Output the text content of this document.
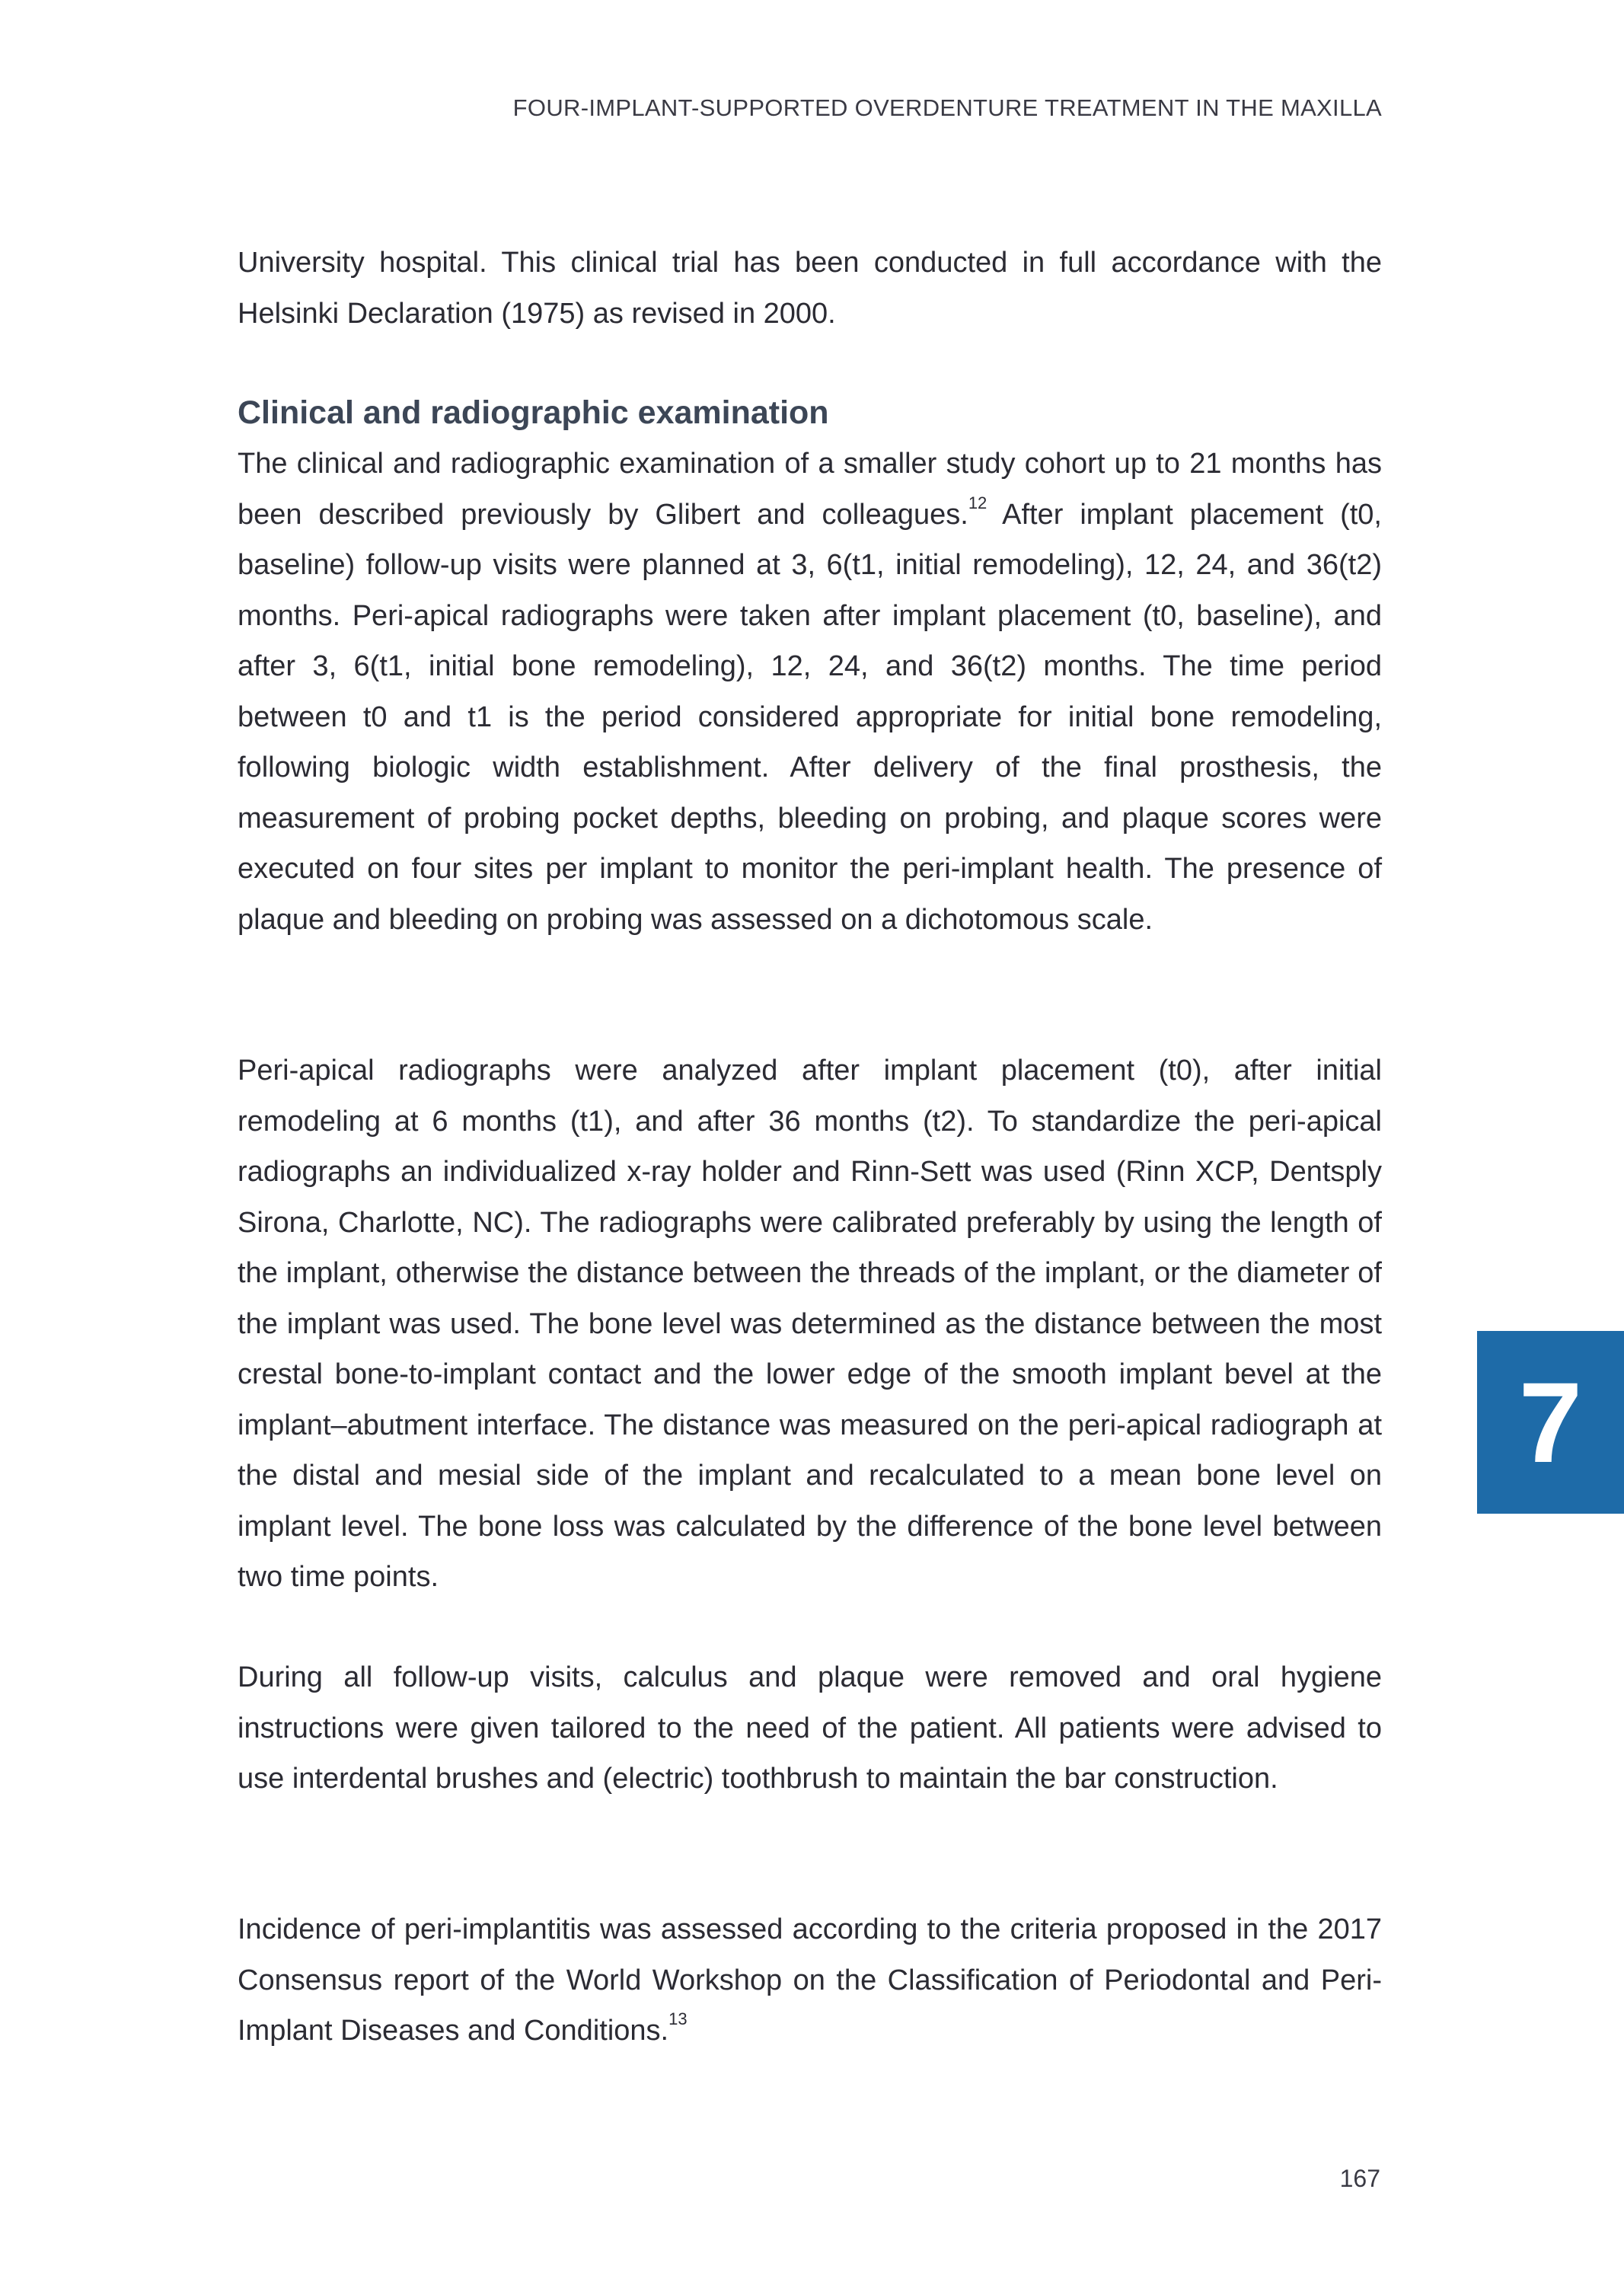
FOUR-IMPLANT-SUPPORTED OVERDENTURE TREATMENT IN THE MAXILLA

University hospital. This clinical trial has been conducted in full accordance with the Helsinki Declaration (1975) as revised in 2000.

Clinical and radiographic examination

The clinical and radiographic examination of a smaller study cohort up to 21 months has been described previously by Glibert and colleagues.$^{12}$ After implant placement (t0, baseline) follow-up visits were planned at 3, 6(t1, initial remodeling), 12, 24, and 36(t2) months. Peri-apical radiographs were taken after implant placement (t0, baseline), and after 3, 6(t1, initial bone remodeling), 12, 24, and 36(t2) months. The time period between t0 and t1 is the period considered appropriate for initial bone remodeling, following biologic width establishment. After delivery of the final prosthesis, the measurement of probing pocket depths, bleeding on probing, and plaque scores were executed on four sites per implant to monitor the peri-implant health. The presence of plaque and bleeding on probing was assessed on a dichotomous scale.

Peri-apical radiographs were analyzed after implant placement (t0), after initial remodeling at 6 months (t1), and after 36 months (t2). To standardize the peri-apical radiographs an individualized x-ray holder and Rinn-Sett was used (Rinn XCP, Dentsply Sirona, Charlotte, NC). The radiographs were calibrated preferably by using the length of the implant, otherwise the distance between the threads of the implant, or the diameter of the implant was used. The bone level was determined as the distance between the most crestal bone-to-implant contact and the lower edge of the smooth implant bevel at the implant–abutment interface. The distance was measured on the peri-apical radiograph at the distal and mesial side of the implant and recalculated to a mean bone level on implant level. The bone loss was calculated by the difference of the bone level between two time points.

During all follow-up visits, calculus and plaque were removed and oral hygiene instructions were given tailored to the need of the patient. All patients were advised to use interdental brushes and (electric) toothbrush to maintain the bar construction.

Incidence of peri-implantitis was assessed according to the criteria proposed in the 2017 Consensus report of the World Workshop on the Classification of Periodontal and Peri-Implant Diseases and Conditions.$^{13}$

7
167
